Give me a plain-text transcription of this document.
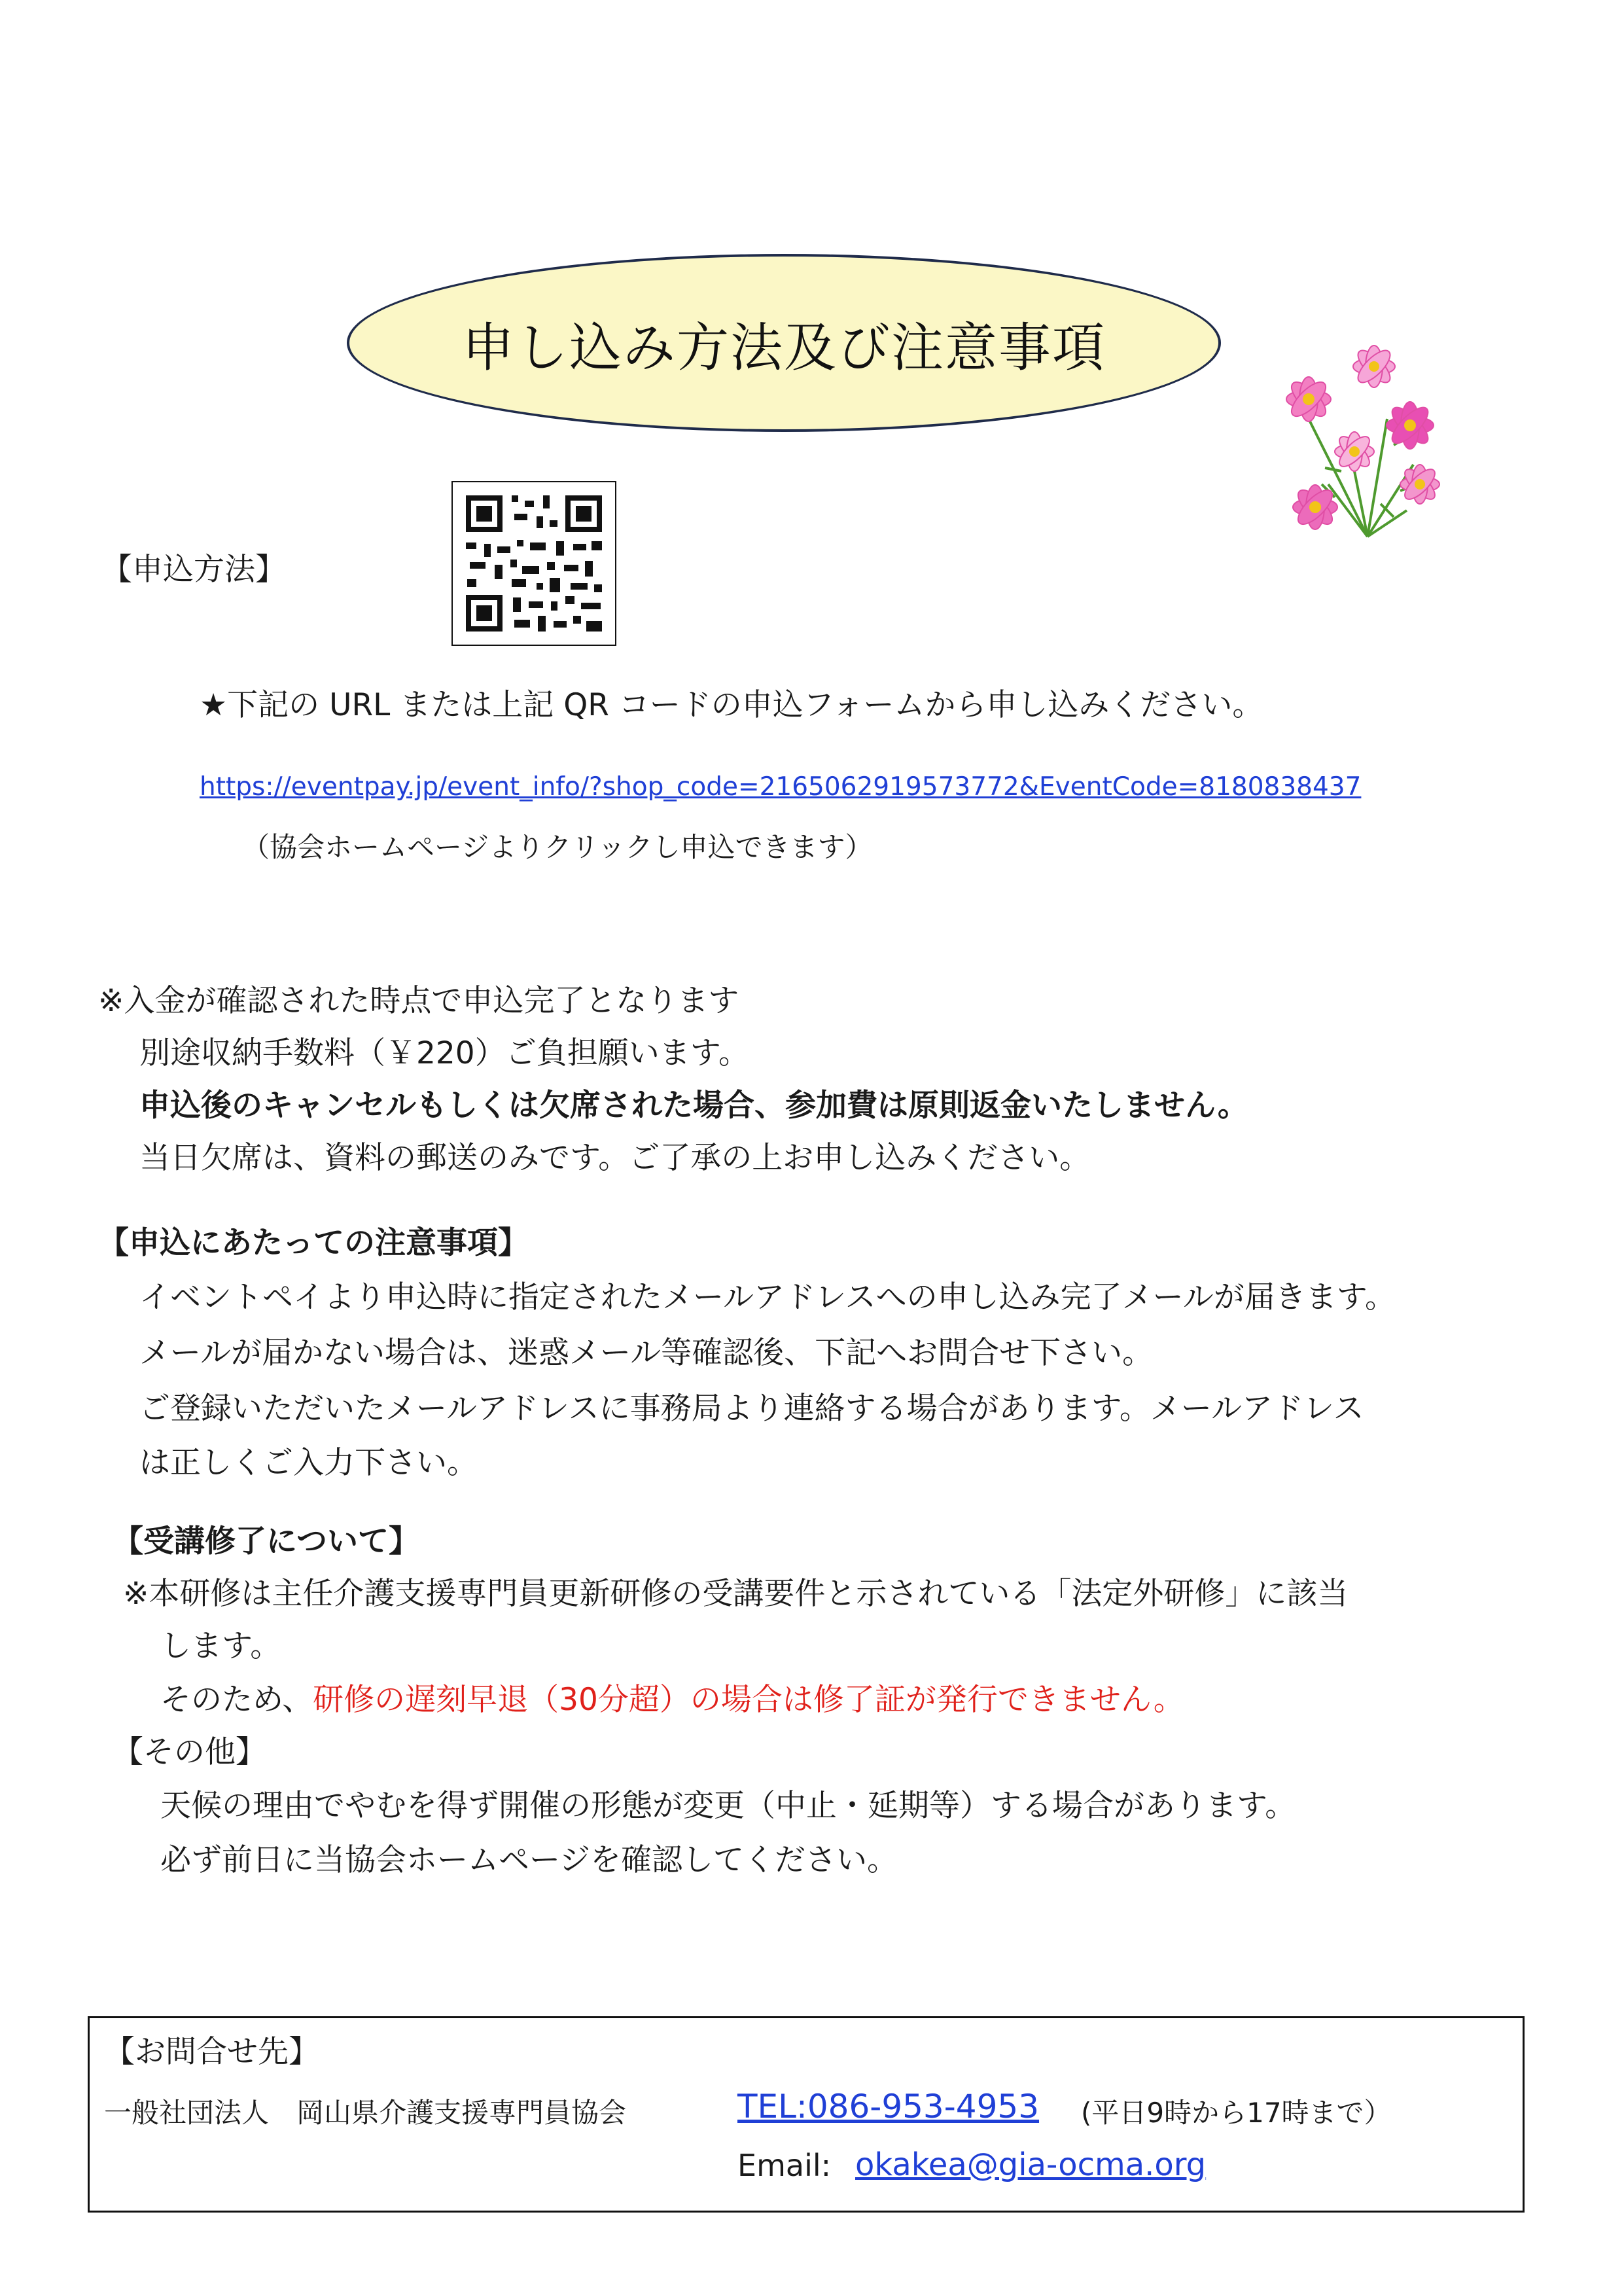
申し込み方法及び注意事項
【申込方法】
★下記の URL または上記 QR コードの申込フォームから申し込みください。
https://eventpay.jp/event_info/?shop_code=2165062919573772&EventCode=8180838437
（協会ホームページよりクリックし申込できます）
※入金が確認された時点で申込完了となります
別途収納手数料（￥220）ご負担願います。
申込後のキャンセルもしくは欠席された場合、参加費は原則返金いたしません。
当日欠席は、資料の郵送のみです。ご了承の上お申し込みください。
【申込にあたっての注意事項】
イベントペイより申込時に指定されたメールアドレスへの申し込み完了メールが届きます。
メールが届かない場合は、迷惑メール等確認後、下記へお問合せ下さい。
ご登録いただいたメールアドレスに事務局より連絡する場合があります。メールアドレス
は正しくご入力下さい。
【受講修了について】
※本研修は主任介護支援専門員更新研修の受講要件と示されている「法定外研修」に該当
します。
そのため、研修の遅刻早退（30分超）の場合は修了証が発行できません。
【その他】
天候の理由でやむを得ず開催の形態が変更（中止・延期等）する場合があります。
必ず前日に当協会ホームページを確認してください。
【お問合せ先】
一般社団法人　岡山県介護支援専門員協会	TEL:086-953-4953 (平日9時から17時まで）
Email: okakea@gia-ocma.org
